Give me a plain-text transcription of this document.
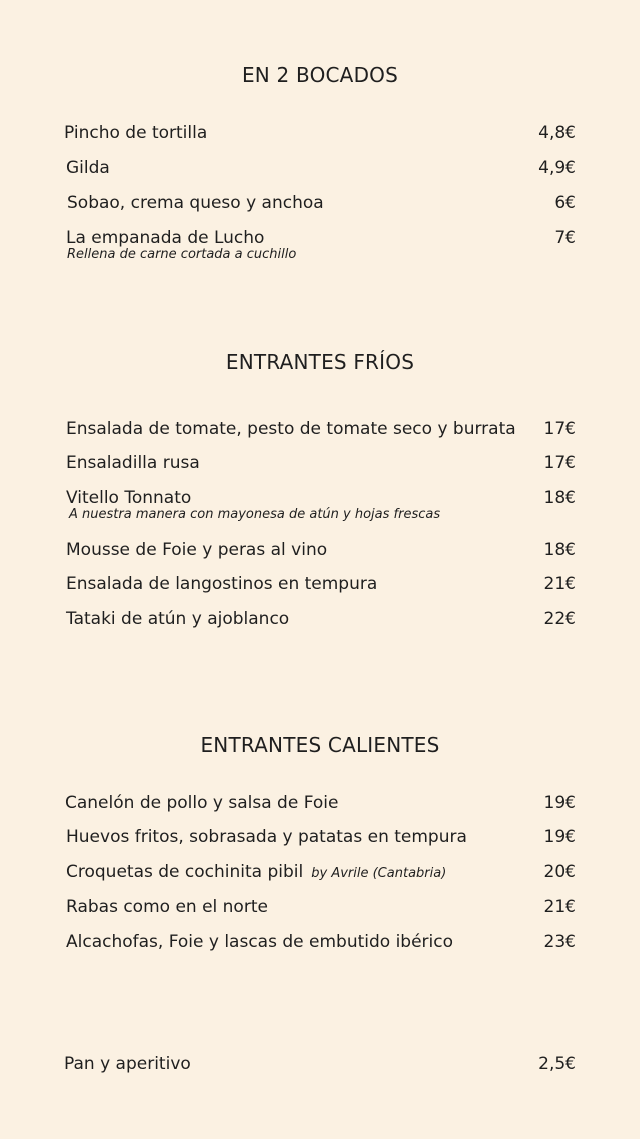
EN 2 BOCADOS
Pincho de tortilla	4,8€
Gilda	4,9€
Sobao, crema queso y anchoa	6€
La empanada de Lucho	7€
Rellena de carne cortada a cuchillo
ENTRANTES FRÍOS
Ensalada de tomate, pesto de tomate seco y burrata 17€
Ensaladilla rusa	17€
Vitello Tonnato	18€
A nuestra manera con mayonesa de atún y hojas frescas
Mousse de Foie y peras al vino	18€
Ensalada de langostinos en tempura	21€
Tataki de atún y ajoblanco	22€
ENTRANTES CALIENTES
Canelón de pollo y salsa de Foie	19€
Huevos fritos, sobrasada y patatas en tempura	19€
Croquetas de cochinita pibil by Avrile (Cantabria)	20€
Rabas como en el norte	21€
Alcachofas, Foie y lascas de embutido ibérico	23€
Pan y aperitivo	2,5€
